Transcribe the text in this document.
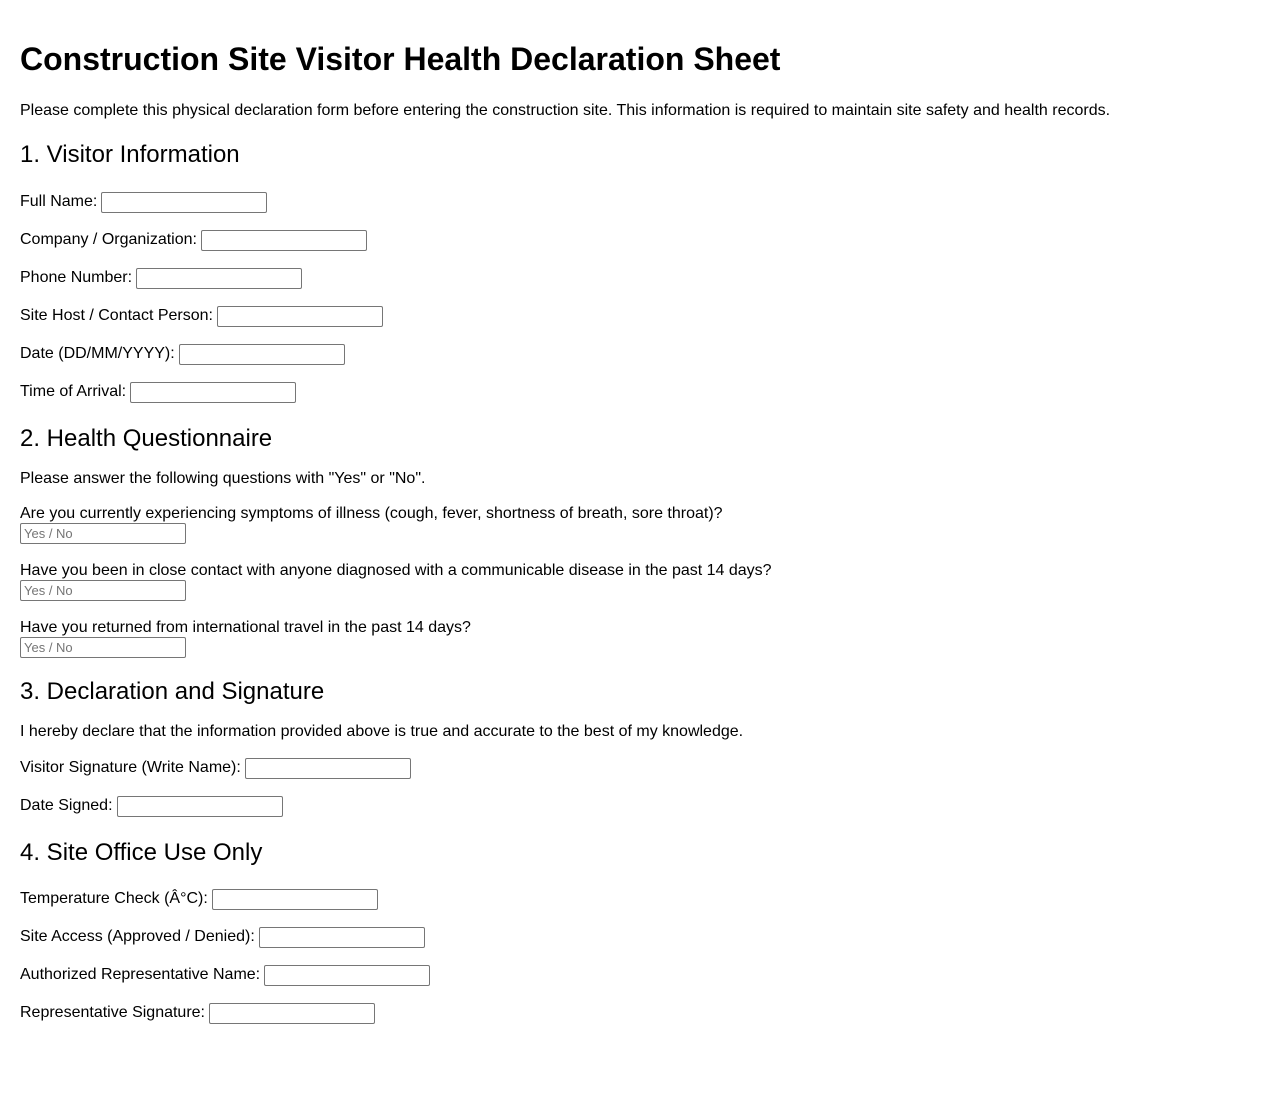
Construction Site Visitor Health Declaration Sheet

Please complete this physical declaration form before entering the construction site. This information is required to maintain site safety and health records.

1. Visitor Information
Full Name:
Company / Organization:
Phone Number:
Site Host / Contact Person:
Date (DD/MM/YYYY):
Time of Arrival:
2. Health Questionnaire

Please answer the following questions with "Yes" or "No".

Are you currently experiencing symptoms of illness (cough, fever, shortness of breath, sore throat)?

Yes / No

Have you been in close contact with anyone diagnosed with a communicable disease in the past 14 days?

Yes / No

Have you returned from international travel in the past 14 days?

Yes / No
3. Declaration and Signature

I hereby declare that the information provided above is true and accurate to the best of my knowledge.

Visitor Signature (Write Name):
Date Signed:
4. Site Office Use Only
Temperature Check (Â°C):
Site Access (Approved / Denied):
Authorized Representative Name:
Representative Signature:
